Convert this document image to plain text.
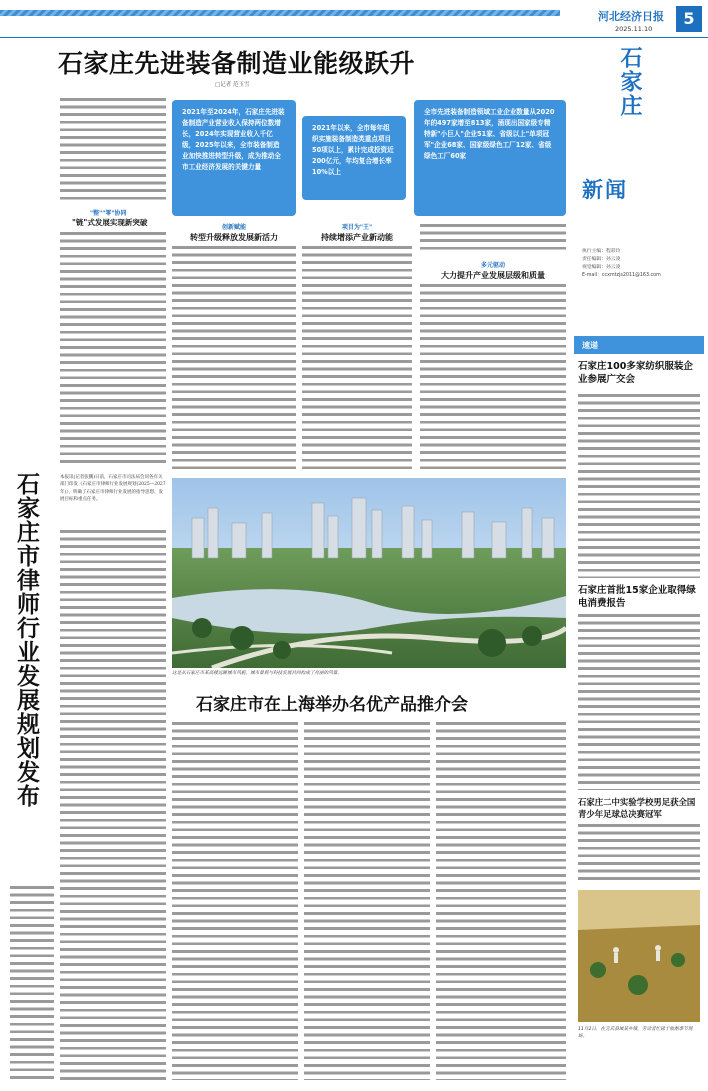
河北经济日报
2025.11.10
5
石家庄先进装备制造业能级跃升
□记者 范玉雪
"整""零"协同
"链"式发展实现新突破
2021年至2024年，石家庄先进装备制造产业营业收入保持两位数增长，2024年实现营业收入千亿级，2025年以来，全市装备制造业加快推进转型升级，成为推动全市工业经济发展的关键力量
2021年以来，全市每年组织实施装备制造类重点项目50项以上，累计完成投资近200亿元，年均复合增长率10%以上
全市先进装备制造领域工业企业数量从2020年的497家增至813家，涌现出国家级专精特新"小巨人"企业51家、省级以上"单项冠军"企业68家、国家级绿色工厂12家、省级绿色工厂60家
创新赋能
转型升级释放发展新活力
项目为"王"
持续增添产业新动能
多元驱动
大力提升产业发展层级和质量
这是从石家庄市某高楼远眺城市风貌，城市景观与科技发展共同构成了亮丽的风景。
石家庄市律师行业发展规划发布	本报讯(记者张鹏)日前，石家庄市司法局会同各有关部门印发《石家庄市律师行业发展规划(2025—2027年)》，明确了石家庄市律师行业发展的指导思想、发展目标和重点任务。
石家庄市在上海举办名优产品推介会
石家庄
新闻
执行主编：程彩玲
责任编辑：孙云凌
视觉编辑：孙云凌
E-mail：ccxmtzjs2011@163.com
速递
石家庄100多家纺织服装企业参展广交会
石家庄首批15家企业取得绿电消费报告
石家庄二中实验学校男足获全国青少年足球总决赛冠军
11月2日，在元氏县域某乡镇，劳动者忙碌于收割季节现场。
